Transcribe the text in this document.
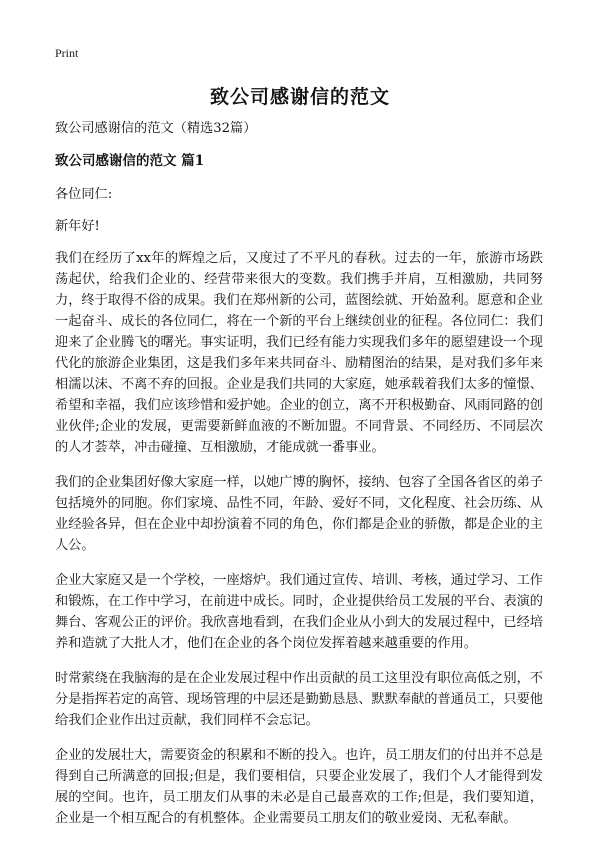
Print
致公司感谢信的范文

致公司感谢信的范文（精选32篇）

致公司感谢信的范文 篇1

各位同仁:

新年好!

我们在经历了xx年的辉煌之后，又度过了不平凡的春秋。过去的一年，旅游市场跌荡起伏，给我们企业的、经营带来很大的变数。我们携手并肩，互相激励，共同努力，终于取得不俗的成果。我们在郑州新的公司，蓝图绘就、开始盈利。愿意和企业一起奋斗、成长的各位同仁，将在一个新的平台上继续创业的征程。各位同仁：我们迎来了企业腾飞的曙光。事实证明，我们已经有能力实现我们多年的愿望建设一个现代化的旅游企业集团，这是我们多年来共同奋斗、励精图治的结果，是对我们多年来相濡以沫、不离不弃的回报。企业是我们共同的大家庭，她承载着我们太多的憧憬、希望和幸福，我们应该珍惜和爱护她。企业的创立，离不开积极勤奋、风雨同路的创业伙伴;企业的发展，更需要新鲜血液的不断加盟。不同背景、不同经历、不同层次的人才荟萃，冲击碰撞、互相激励，才能成就一番事业。

我们的企业集团好像大家庭一样，以她广博的胸怀，接纳、包容了全国各省区的弟子包括境外的同胞。你们家境、品性不同，年龄、爱好不同，文化程度、社会历练、从业经验各异，但在企业中却扮演着不同的角色，你们都是企业的骄傲，都是企业的主人公。

企业大家庭又是一个学校，一座熔炉。我们通过宣传、培训、考核，通过学习、工作和锻炼，在工作中学习，在前进中成长。同时，企业提供给员工发展的平台、表演的舞台、客观公正的评价。我欣喜地看到，在我们企业从小到大的发展过程中，已经培养和造就了大批人才，他们在企业的各个岗位发挥着越来越重要的作用。

时常萦绕在我脑海的是在企业发展过程中作出贡献的员工这里没有职位高低之别，不分是指挥若定的高管、现场管理的中层还是勤勤恳恳、默默奉献的普通员工，只要他给我们企业作出过贡献，我们同样不会忘记。

企业的发展壮大，需要资金的积累和不断的投入。也许，员工朋友们的付出并不总是得到自己所满意的回报;但是，我们要相信，只要企业发展了，我们个人才能得到发展的空间。也许，员工朋友们从事的未必是自己最喜欢的工作;但是，我们要知道，企业是一个相互配合的有机整体。企业需要员工朋友们的敬业爱岗、无私奉献。
